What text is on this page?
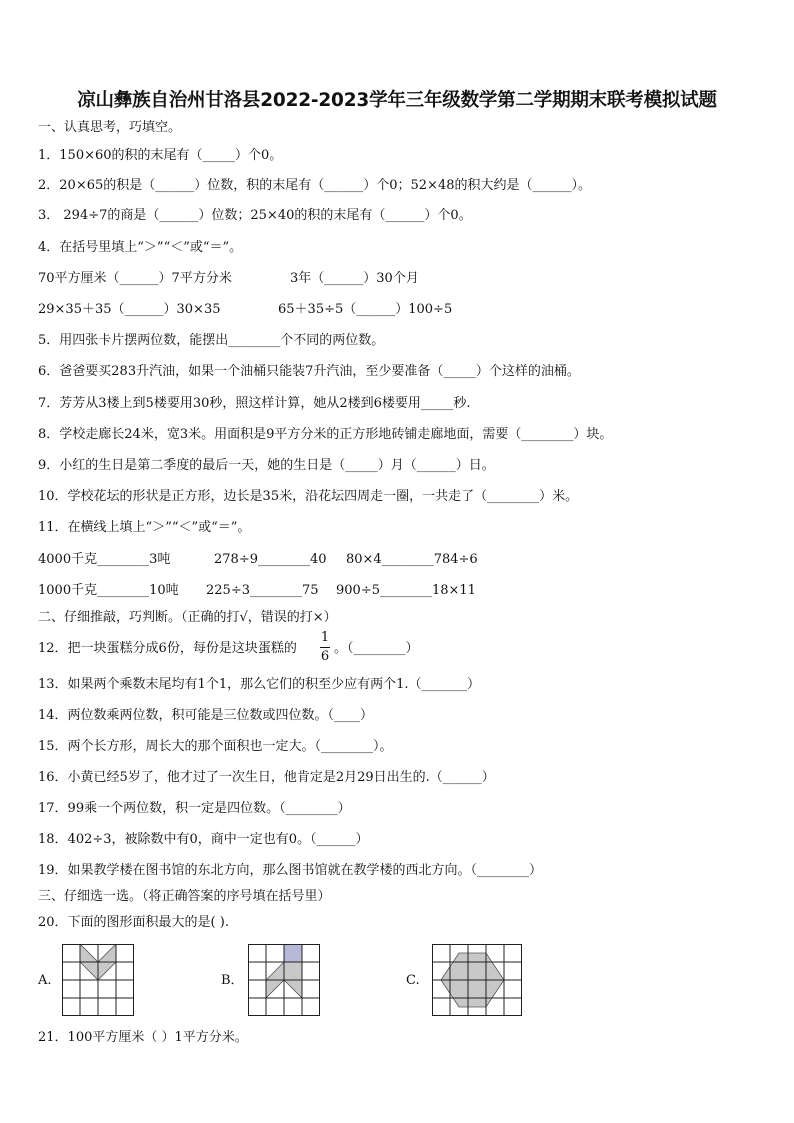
凉山彝族自治州甘洛县2022-2023学年三年级数学第二学期期末联考模拟试题
一、认真思考，巧填空。
1．150×60的积的末尾有（_____）个0。
2．20×65的积是（______）位数，积的末尾有（______）个0；52×48的积大约是（______）。
3． 294÷7的商是（______）位数；25×40的积的末尾有（______）个0。
4．在括号里填上“＞”“＜”或“＝”。
70平方厘米（______）7平方分米	3年（______）30个月
29×35＋35（______）30×35	65＋35÷5（______）100÷5
5．用四张卡片摆两位数，能摆出________个不同的两位数。
6．爸爸要买283升汽油，如果一个油桶只能装7升汽油，至少要准备（_____）个这样的油桶。
7．芳芳从3楼上到5楼要用30秒，照这样计算，她从2楼到6楼要用_____秒.
8．学校走廊长24米，宽3米。用面积是9平方分米的正方形地砖铺走廊地面，需要（________）块。
9．小红的生日是第二季度的最后一天，她的生日是（_____）月（______）日。
10．学校花坛的形状是正方形，边长是35米，沿花坛四周走一圈，一共走了（________）米。
11．在横线上填上“＞”“＜”或“＝”。
4000千克________3吨	278÷9________40 80×4________784÷6
1000千克________10吨 225÷3________75 900÷5________18×11
二、仔细推敲，巧判断。（正确的打√，错误的打×）
12．把一块蛋糕分成6份，每份是这块蛋糕的
1
6
。（________）
13．如果两个乘数末尾均有1个1，那么它们的积至少应有两个1.（_______）
14．两位数乘两位数，积可能是三位数或四位数。（____）
15．两个长方形，周长大的那个面积也一定大。（________）。
16．小黄已经5岁了，他才过了一次生日，他肯定是2月29日出生的.（______）
17．99乘一个两位数，积一定是四位数。（________）
18．402÷3，被除数中有0，商中一定也有0。（______）
19．如果教学楼在图书馆的东北方向，那么图书馆就在教学楼的西北方向。（________）
三、仔细选一选。（将正确答案的序号填在括号里）
20．下面的图形面积最大的是( ).
A.	B．	C.
21．100平方厘米（ ）1平方分米。
